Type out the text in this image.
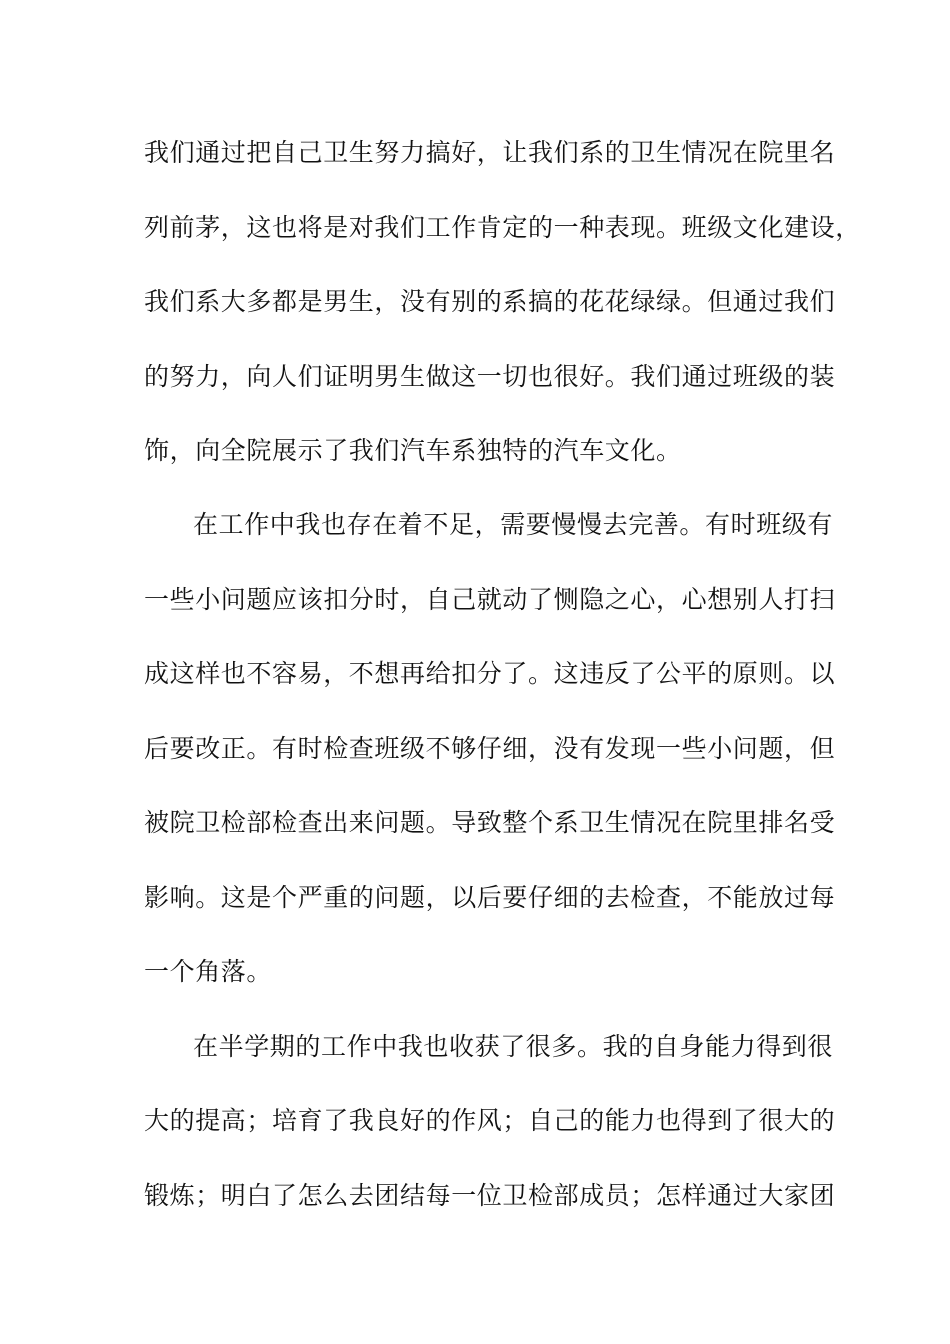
我们通过把自己卫生努力搞好，让我们系的卫生情况在院里名
列前茅，这也将是对我们工作肯定的一种表现。班级文化建设，
我们系大多都是男生，没有别的系搞的花花绿绿。但通过我们
的努力，向人们证明男生做这一切也很好。我们通过班级的装
饰，向全院展示了我们汽车系独特的汽车文化。
在工作中我也存在着不足，需要慢慢去完善。有时班级有
一些小问题应该扣分时，自己就动了恻隐之心，心想别人打扫
成这样也不容易，不想再给扣分了。这违反了公平的原则。以
后要改正。有时检查班级不够仔细，没有发现一些小问题，但
被院卫检部检查出来问题。导致整个系卫生情况在院里排名受
影响。这是个严重的问题，以后要仔细的去检查，不能放过每
一个角落。
在半学期的工作中我也收获了很多。我的自身能力得到很
大的提高；培育了我良好的作风；自己的能力也得到了很大的
锻炼；明白了怎么去团结每一位卫检部成员；怎样通过大家团
